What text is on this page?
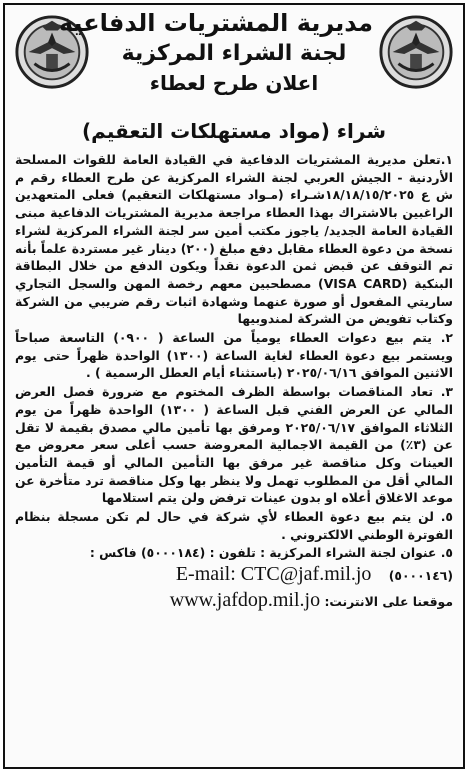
مديرية المشتريات الدفاعية
لجنة الشراء المركزية
اعلان طرح لعطاء
شراء (مواد مستهلكات التعقيم)

١.تعلن مديرية المشتريات الدفاعية في القيادة العامة للقوات المسلحة الأردنية - الجيش العربي لجنة الشراء المركزية عن طرح العطاء رقم م ش ع ١٨/١٨/١٥/٢٠٢٥شـراء (مـواد مستهلكات التعقيم) فعلى المتعهدين الراغبين بالاشتراك بهذا العطاء مراجعة مديرية المشتريات الدفاعية مبنى القيادة العامة الجديد/ ياجوز مكتب أمين سر لجنة الشراء المركزية لشراء نسخة من دعوة العطاء مقابل دفع مبلغ (٢٠٠) دينار غير مستردة علماً بأنه تم التوقف عن قبض ثمن الدعوة نقداً ويكون الدفع من خلال البطاقة البنكية (VISA CARD) مصطحبين معهم رخصة المهن والسجل التجاري ساريتي المفعول أو صورة عنهما وشهادة اثبات رقم ضريبي من الشركة وكتاب تفويض من الشركة لمندوبيها

٢. يتم بيع دعوات العطاء يومياً من الساعة ( ٠٩٠٠) التاسعة صباحاً ويستمر بيع دعوة العطاء لغاية الساعة (١٣٠٠) الواحدة ظهراً حتى يوم الاثنين الموافق ٢٠٢٥/٠٦/١٦ (باستثناء أيام العطل الرسمية ) .

٣. تعاد المناقصات بواسطة الظرف المختوم مع ضرورة فصل العرض المالي عن العرض الفني قبل الساعة ( ١٣٠٠) الواحدة ظهراً من يوم الثلاثاء الموافق ٢٠٢٥/٠٦/١٧ ومرفق بها تأمين مالي مصدق بقيمة لا تقل عن (٣٪) من القيمة الاجمالية المعروضة حسب أعلى سعر معروض مع العينات وكل مناقصة غير مرفق بها التأمين المالي أو قيمة التأمين المالي أقل من المطلوب تهمل ولا ينظر بها وكل مناقصة ترد متأخرة عن موعد الاغلاق أعلاه او بدون عينات ترفض ولن يتم استلامها

٥. لن يتم بيع دعوة العطاء لأي شركة في حال لم تكن مسجلة بنظام الفوترة الوطني الالكتروني .

٥. عنوان لجنة الشراء المركزية : تلفون : (٥٠٠٠١٨٤) فاكس :
(٥٠٠٠١٤٦)    E-mail: CTC@jaf.mil.jo
موقعنا على الانترنت: www.jafdop.mil.jo
